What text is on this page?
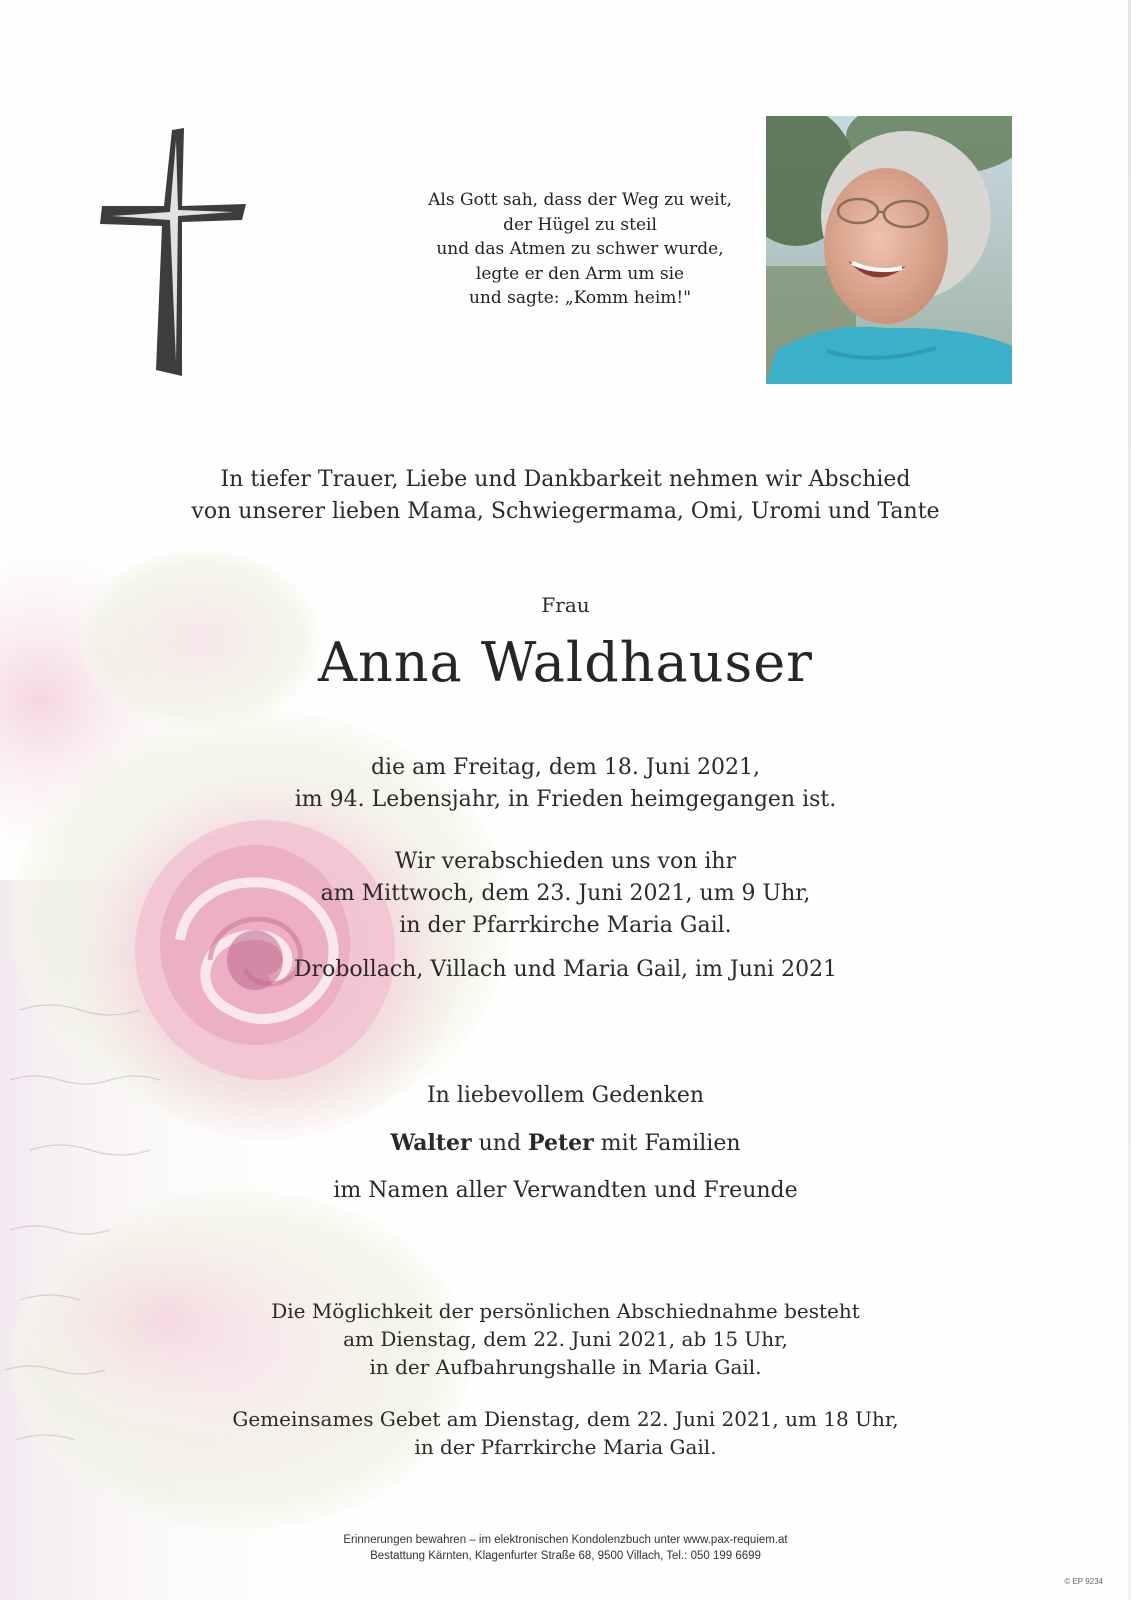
Als Gott sah, dass der Weg zu weit,
der Hügel zu steil
und das Atmen zu schwer wurde,
legte er den Arm um sie
und sagte: „Komm heim!"
In tiefer Trauer, Liebe und Dankbarkeit nehmen wir Abschied
von unserer lieben Mama, Schwiegermama, Omi, Uromi und Tante
Frau
Anna Waldhauser
die am Freitag, dem 18. Juni 2021,
im 94. Lebensjahr, in Frieden heimgegangen ist.
Wir verabschieden uns von ihr
am Mittwoch, dem 23. Juni 2021, um 9 Uhr,
in der Pfarrkirche Maria Gail.
Drobollach, Villach und Maria Gail, im Juni 2021
In liebevollem Gedenken
Walter und Peter mit Familien
im Namen aller Verwandten und Freunde
Die Möglichkeit der persönlichen Abschiednahme besteht
am Dienstag, dem 22. Juni 2021, ab 15 Uhr,
in der Aufbahrungshalle in Maria Gail.
Gemeinsames Gebet am Dienstag, dem 22. Juni 2021, um 18 Uhr,
in der Pfarrkirche Maria Gail.
Erinnerungen bewahren – im elektronischen Kondolenzbuch unter www.pax-requiem.at
Bestattung Kärnten, Klagenfurter Straße 68, 9500 Villach, Tel.: 050 199 6699
© EP 9234
